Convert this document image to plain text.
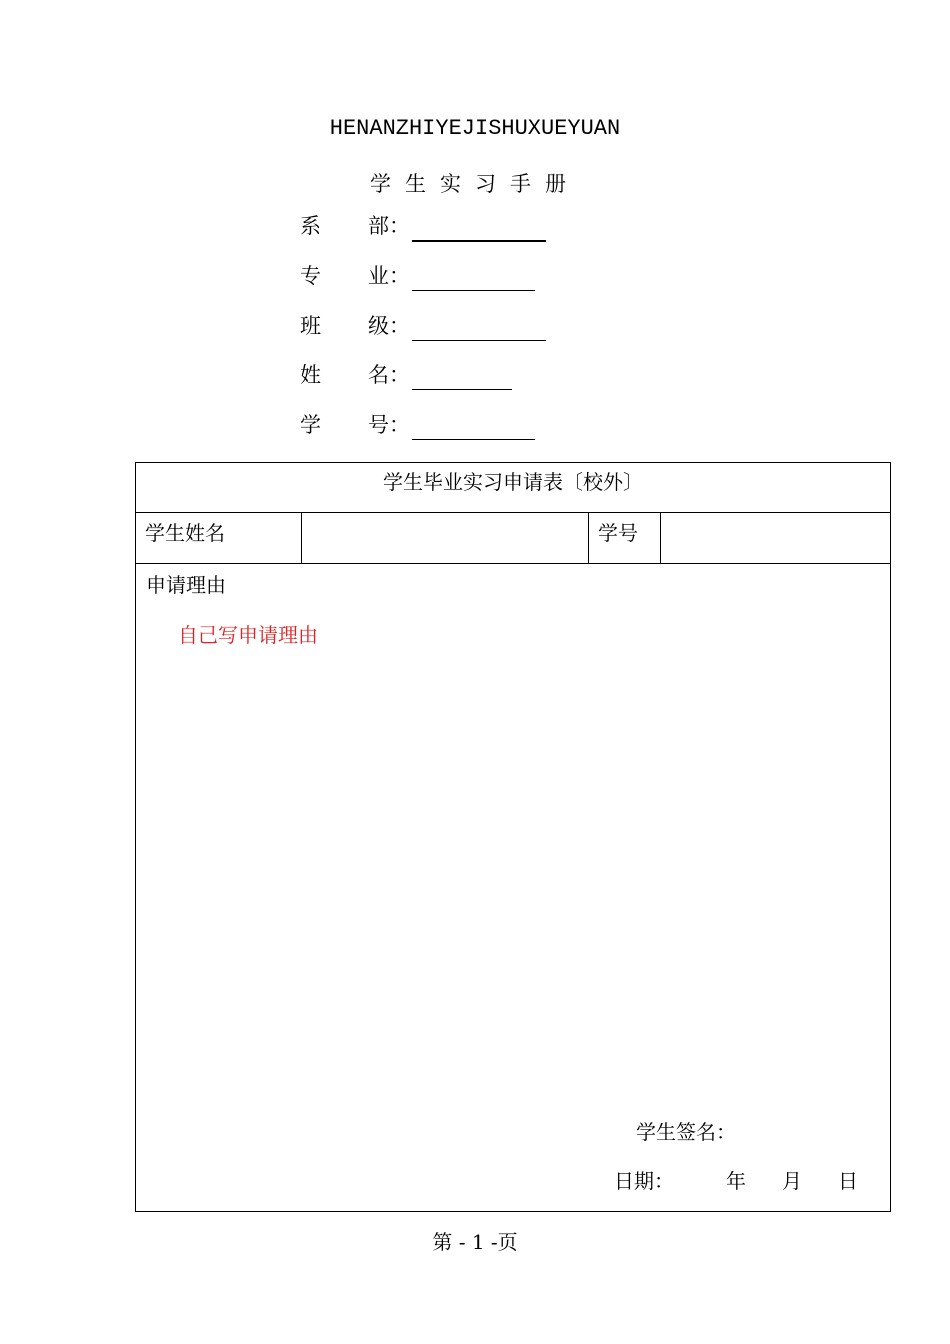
HENANZHIYEJISHUXUEYUAN
学生实习手册
系 部：
专 业：
班 级：
姓 名：
学 号：
学生毕业实习申请表〔校外〕
学生姓名	学号
申请理由
自己写申请理由
学生签名：
日期：	年 月 日
第 - 1 -页
